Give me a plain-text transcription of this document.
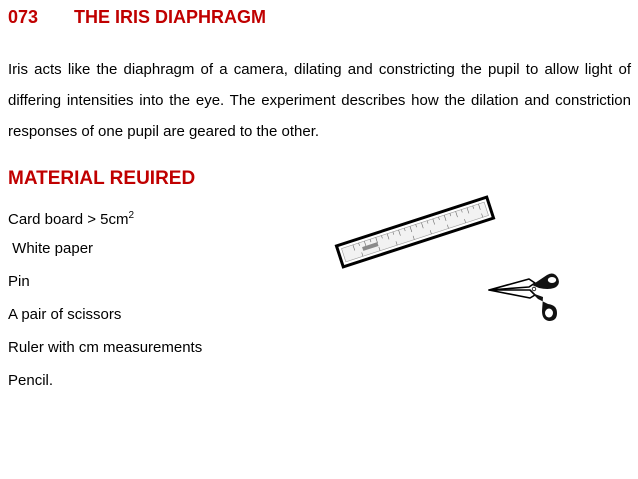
073 THE IRIS DIAPHRAGM

Iris acts like the diaphragm of a camera, dilating and constricting the pupil to allow light of differing intensities into the eye. The experiment describes how the dilation and constriction responses of one pupil are geared to the other.

MATERIAL REUIRED
Card board > $5cm^2$
White paper
Pin
A pair of scissors
Ruler with cm measurements
Pencil.
